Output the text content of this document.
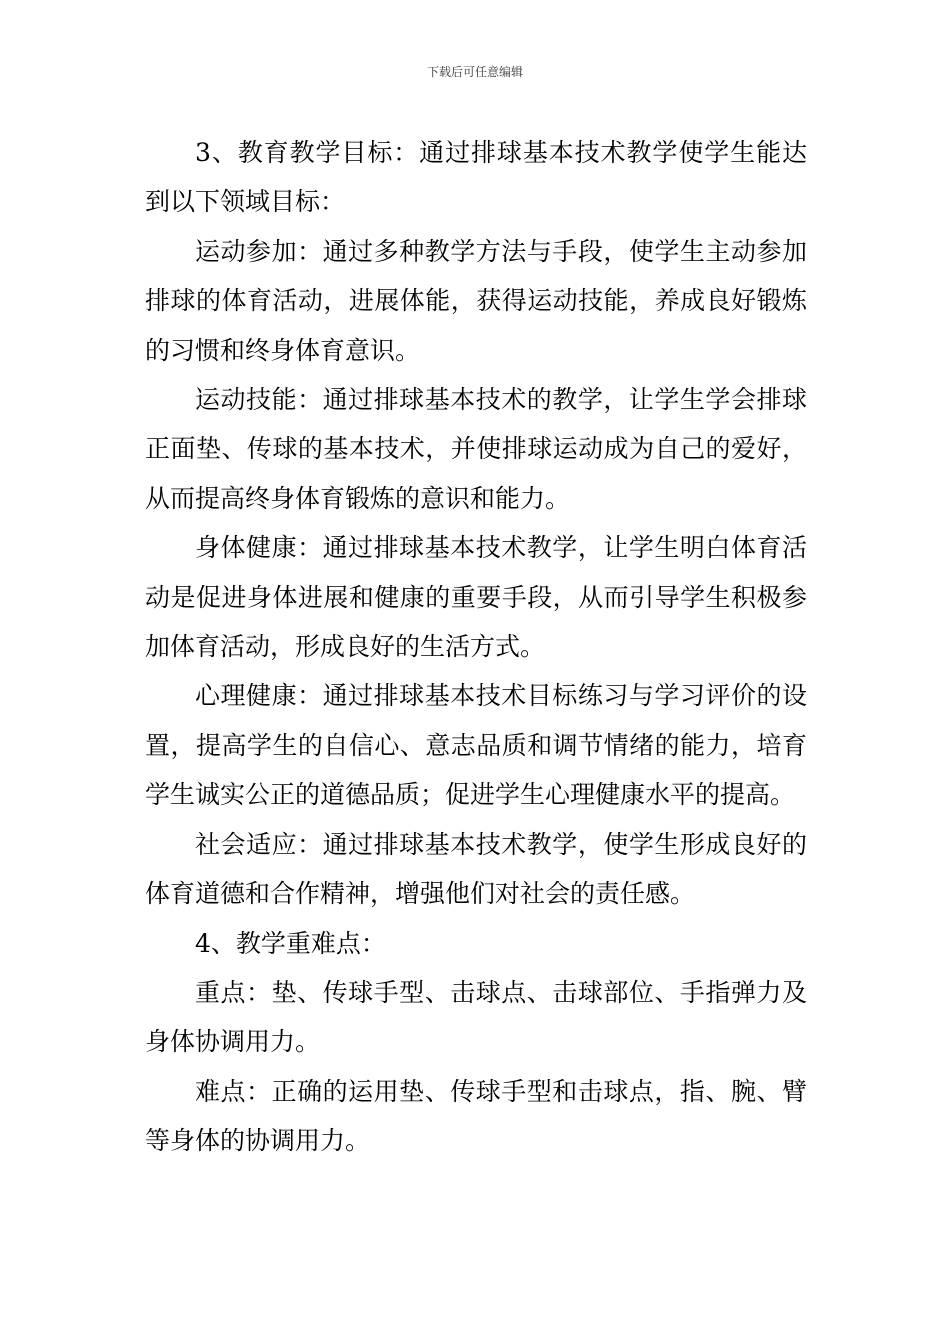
下载后可任意编辑

3、教育教学目标：通过排球基本技术教学使学生能达到以下领域目标：

运动参加：通过多种教学方法与手段，使学生主动参加排球的体育活动，进展体能，获得运动技能，养成良好锻炼的习惯和终身体育意识。

运动技能：通过排球基本技术的教学，让学生学会排球正面垫、传球的基本技术，并使排球运动成为自己的爱好，从而提高终身体育锻炼的意识和能力。

身体健康：通过排球基本技术教学，让学生明白体育活动是促进身体进展和健康的重要手段，从而引导学生积极参加体育活动，形成良好的生活方式。

心理健康：通过排球基本技术目标练习与学习评价的设置，提高学生的自信心、意志品质和调节情绪的能力，培育学生诚实公正的道德品质；促进学生心理健康水平的提高。

社会适应：通过排球基本技术教学，使学生形成良好的体育道德和合作精神，增强他们对社会的责任感。

4、教学重难点：

重点：垫、传球手型、击球点、击球部位、手指弹力及身体协调用力。

难点：正确的运用垫、传球手型和击球点，指、腕、臂等身体的协调用力。
